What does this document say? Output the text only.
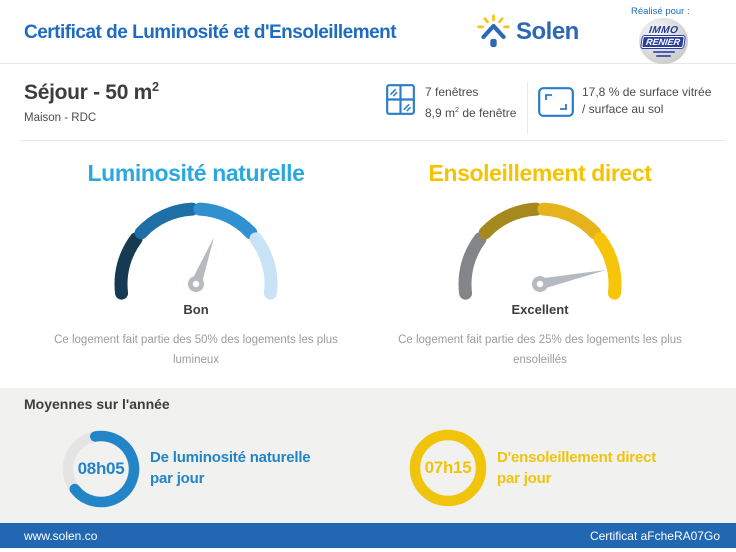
Certificat de Luminosité et d'Ensoleillement	Solen
Réalisé pour :
IMMO
RENIER
Séjour - 50 $m^2$
Maison - RDC
7 fenêtres
8,9 $m^2$ de fenêtre
17,8 % de surface vitrée
/ surface au sol
Luminosité naturelle	Ensoleillement direct
Bon	Excellent
Ce logement fait partie des 50% des logements les plus
lumineux
Ce logement fait partie des 25% des logements les plus
ensoleillés
Moyennes sur l'année
08h05
De luminosité naturelle
par jour
07h15
D'ensoleillement direct
par jour
www.solen.co	Certificat aFcheRA07Go
